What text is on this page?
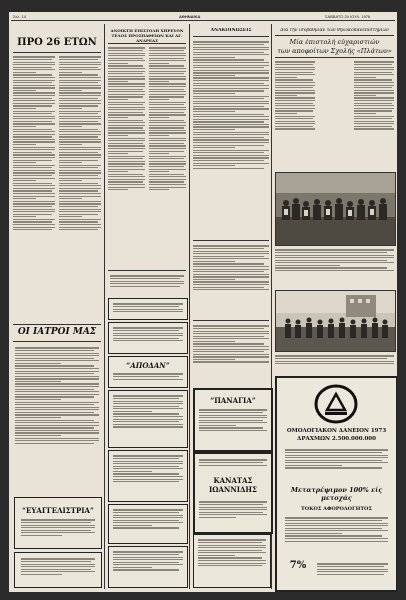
Σελ. 14	ΑΘΗΝΑΙΚΑ	ΣΑΒΒΑΤΟ 24 ΙΟΥΛ. 1976
ΠΡΟ 26 ΕΤΩΝ
ΟΙ ΙΑΤΡΟΙ ΜΑΣ
“ΕΥΑΓΓΕΛΙΣΤΡΙΑ”
ΑΝΟΙΚΤΗ ΕΠΙΣΤΟΛΗ ΧΗΡΕΥΟΝ ΤΕΛΟΣ ΠΡΟΣΠΑΘΕΙΩΝ ΚΑΙ ΑΓ. ΑΝΔΡΕΑΣ
“ΑΠΟΔΑΝ”
ΑΝΑΚΟΙΝΩΣΕΙΣ
“ΠΑΝΑΓΙΑ”
ΚΑΝΑΤΑΣ ΙΩΑΝΝΙΔΗΣ
Διά την ίσοβαθμίαν των θηλυκοπανεπιστημίων
Μία έπιστολή εύχαριστιών
των αποφοίτων Σχολής «Πλάτων»
ΟΜΟΛΟΓΙΑΚΟΝ ΔΑΝΕΙΟΝ 1973
ΔΡΑΧΜΩΝ 2.500.000.000
Μετατρέψιμον 100% είς μετοχάς
ΤΟΚΟΣ ΑΦΟΡΟΛΟΓΗΤΟΣ
7%
